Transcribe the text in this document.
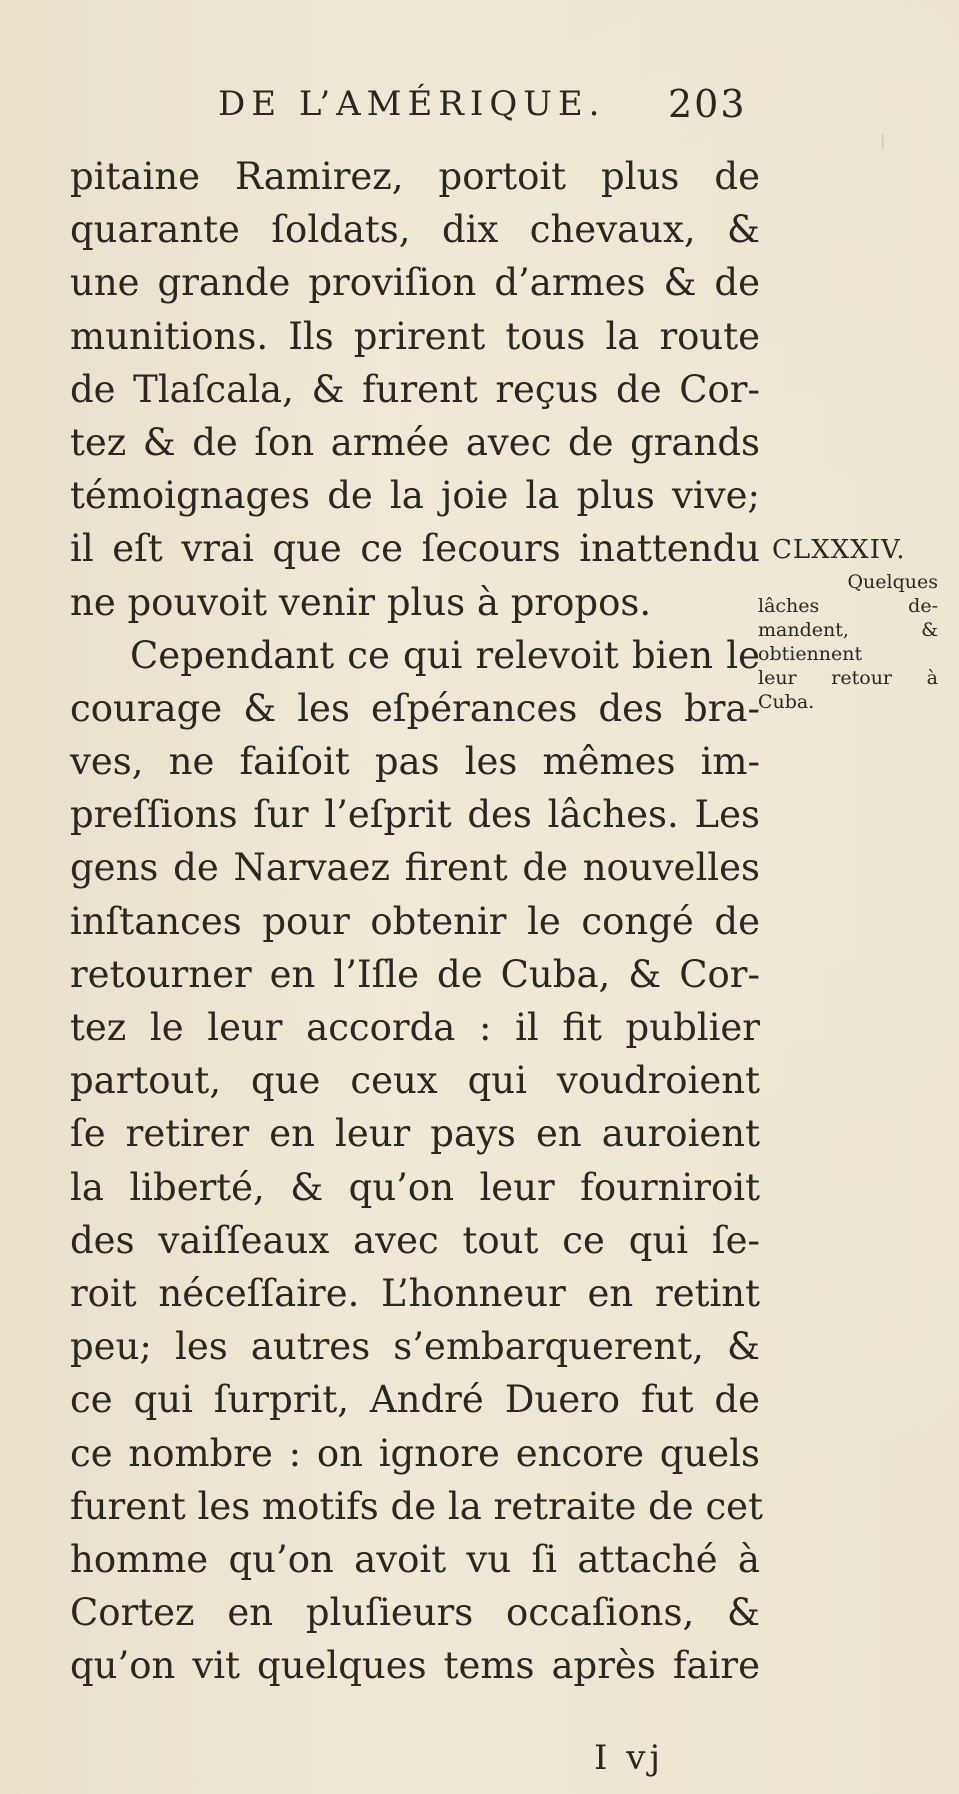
|
DE L’AMÉRIQUE. 203
pitaine Ramirez, portoit plus de
quarante ſoldats, dix chevaux, &
une grande proviſion d’armes & de
munitions. Ils prirent tous la route
de Tlaſcala, & furent reçus de Cor-
tez & de ſon armée avec de grands
témoignages de la joie la plus vive;
il eſt vrai que ce ſecours inattendu
ne pouvoit venir plus à propos.
Cependant ce qui relevoit bien le
courage & les eſpérances des bra-
ves, ne faiſoit pas les mêmes im-
preſſions ſur l’eſprit des lâches. Les
gens de Narvaez firent de nouvelles
inſtances pour obtenir le congé de
retourner en l’Iſle de Cuba, & Cor-
tez le leur accorda : il fit publier
partout, que ceux qui voudroient
ſe retirer en leur pays en auroient
la liberté, & qu’on leur fourniroit
des vaiſſeaux avec tout ce qui ſe-
roit néceſſaire. L’honneur en retint
peu; les autres s’embarquerent, &
ce qui ſurprit, André Duero fut de
ce nombre : on ignore encore quels
furent les motifs de la retraite de cet
homme qu’on avoit vu ſi attaché à
Cortez en pluſieurs occaſions, &
qu’on vit quelques tems après faire
CLXXXIV.
Quelques
lâches de-
mandent, &
obtiennent
leur retour à
Cuba.
I vj
